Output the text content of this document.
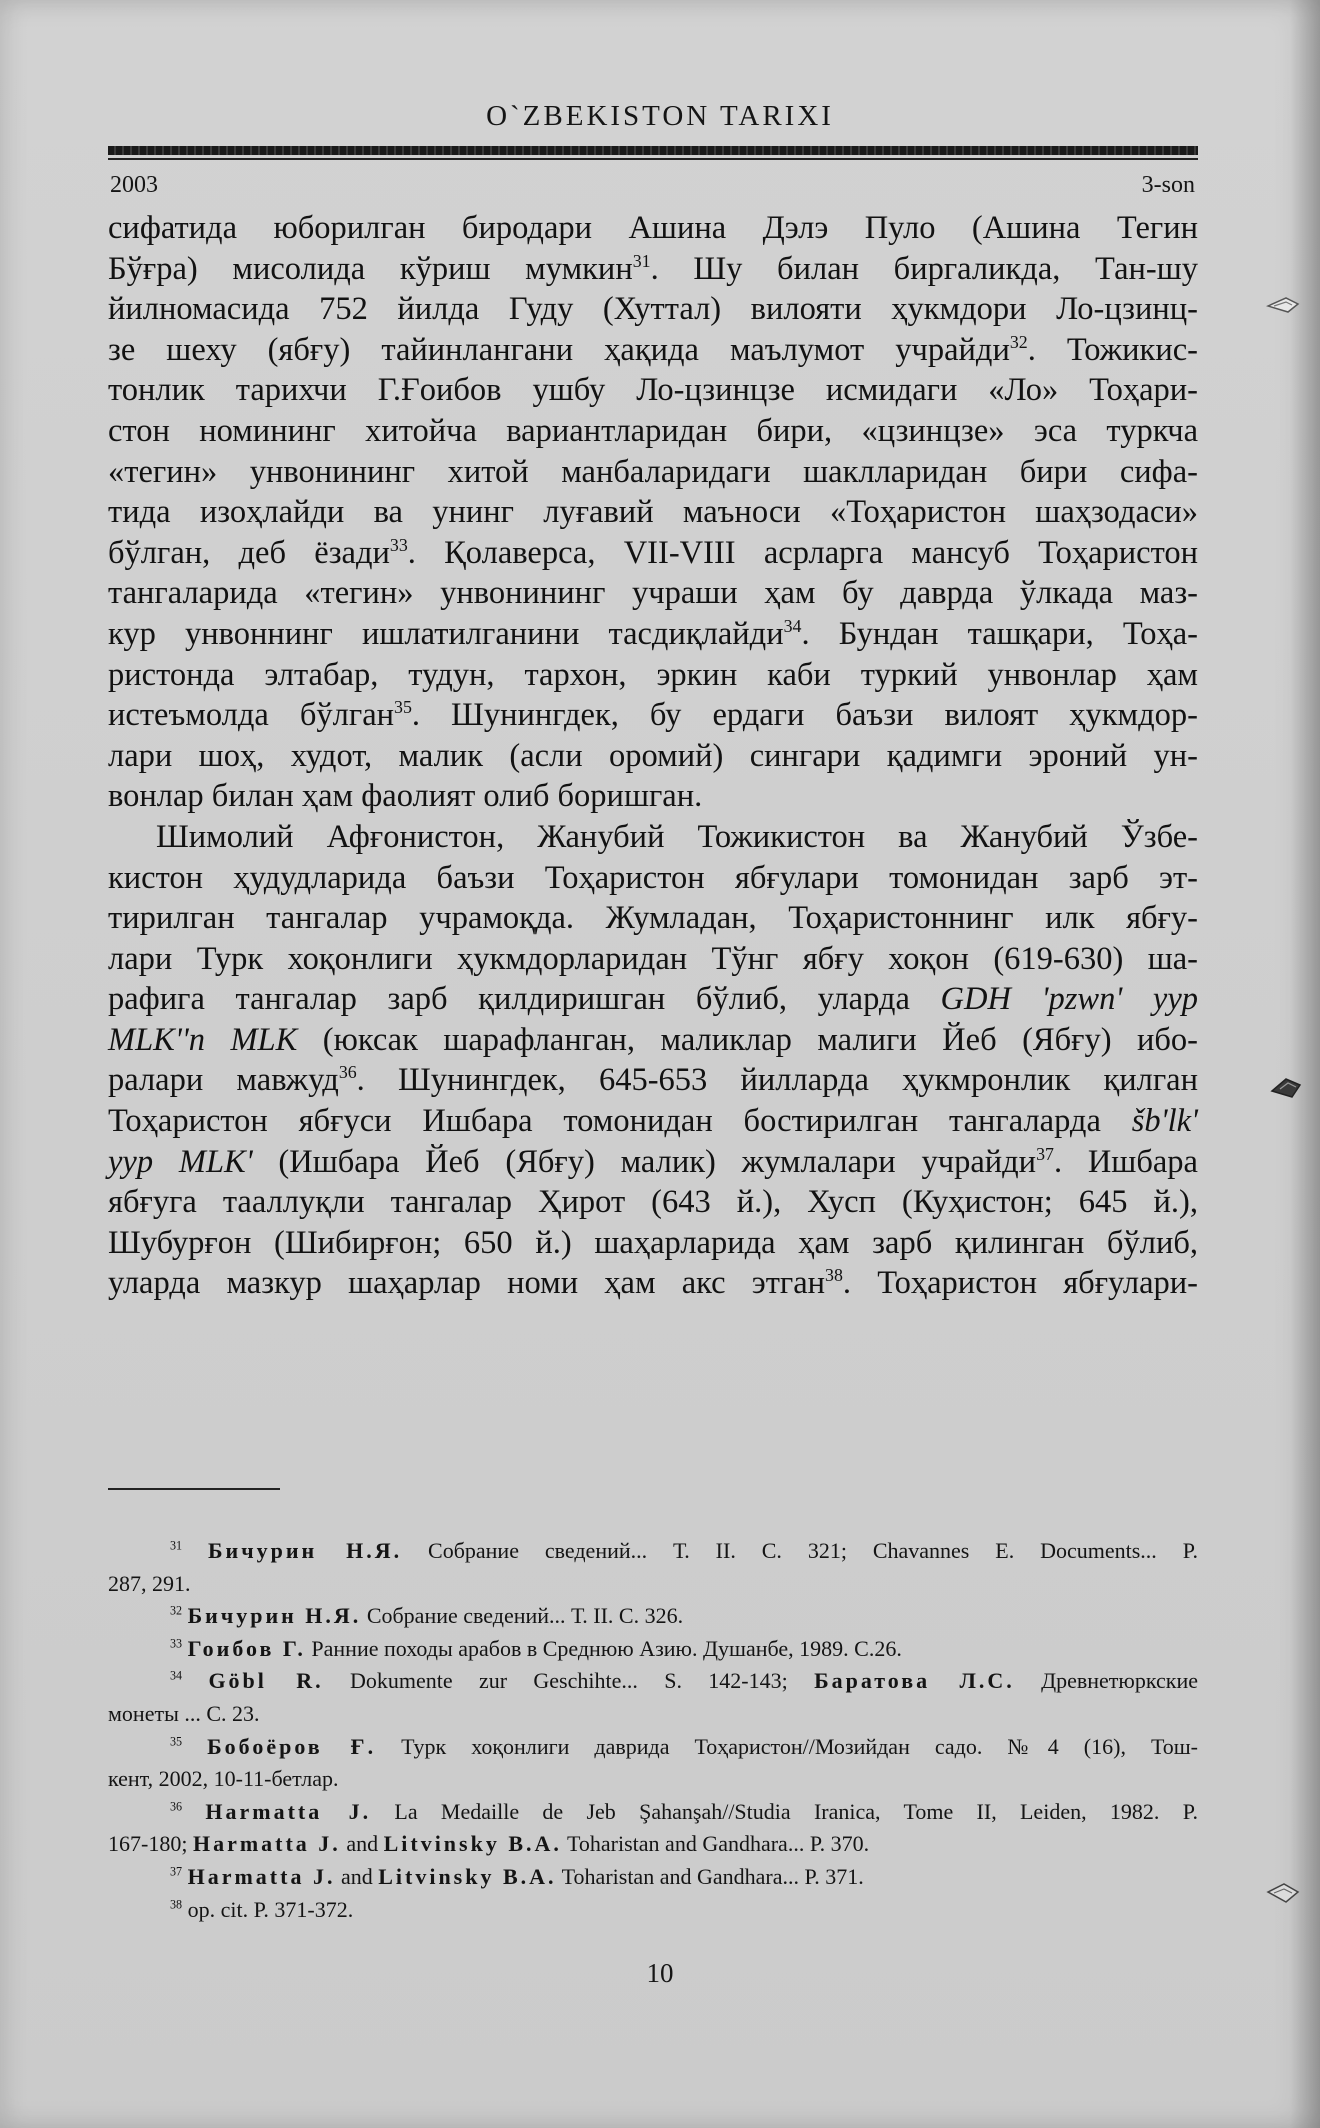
O`ZBEKISTON TARIXI
2003	3-son
сифатида юборилган биродари Ашина Дэлэ Пуло (Ашина Тегин
Бўғра) мисолида кўриш мумкин$^{31}$. Шу билан биргаликда, Тан-шу
йилномасида 752 йилда Гуду (Хуттал) вилояти ҳукмдори Ло-цзинц-
зе шеху (ябғу) тайинлангани ҳақида маълумот учрайди$^{32}$. Тожикис-
тонлик тарихчи Г.Ғоибов ушбу Ло-цзинцзе исмидаги «Ло» Тоҳари-
стон номининг хитойча вариантларидан бири, «цзинцзе» эса туркча
«тегин» унвонининг хитой манбаларидаги шаклларидан бири сифа-
тида изоҳлайди ва унинг луғавий маъноси «Тоҳаристон шаҳзодаси»
бўлган, деб ёзади$^{33}$. Қолаверса, VII-VIII асрларга мансуб Тоҳаристон
тангаларида «тегин» унвонининг учраши ҳам бу даврда ўлкада маз-
кур унвоннинг ишлатилганини тасдиқлайди$^{34}$. Бундан ташқари, Тоҳа-
ристонда элтабар, тудун, тархон, эркин каби туркий унвонлар ҳам
истеъмолда бўлган$^{35}$. Шунингдек, бу ердаги баъзи вилоят ҳукмдор-
лари шоҳ, худот, малик (асли оромий) сингари қадимги эроний ун-
вонлар билан ҳам фаолият олиб боришган.
Шимолий Афғонистон, Жанубий Тожикистон ва Жанубий Ўзбе-
кистон ҳудудларида баъзи Тоҳаристон ябғулари томонидан зарб эт-
тирилган тангалар учрамоқда. Жумладан, Тоҳаристоннинг илк ябғу-
лари Турк хоқонлиги ҳукмдорларидан Тўнг ябғу хоқон (619-630) ша-
рафига тангалар зарб қилдиришган бўлиб, уларда GDH 'pzwn' yyp
MLK''n MLK (юксак шарафланган, маликлар малиги Йеб (Ябғу) ибо-
ралари мавжуд$^{36}$. Шунингдек, 645-653 йилларда ҳукмронлик қилган
Тоҳаристон ябғуси Ишбара томонидан бостирилган тангаларда šb'lk'
yyp MLK' (Ишбара Йеб (Ябғу) малик) жумлалари учрайди$^{37}$. Ишбара
ябғуга тааллуқли тангалар Ҳирот (643 й.), Хусп (Куҳистон; 645 й.),
Шубурғон (Шибирғон; 650 й.) шаҳарларида ҳам зарб қилинган бўлиб,
уларда мазкур шаҳарлар номи ҳам акс этган$^{38}$. Тоҳаристон ябғулари-
$^{31}$ Бичурин Н.Я. Собрание сведений... Т. II. С. 321; Chavannes E. Documents... P.
287, 291.
$^{32}$ Бичурин Н.Я. Собрание сведений... Т. II. С. 326.
$^{33}$ Гоибов Г. Ранние походы арабов в Среднюю Азию. Душанбе, 1989. С.26.
$^{34}$ Göbl R. Dokumente zur Geschihte... S. 142-143; Баратова Л.С. Древнетюркские
монеты ... С. 23.
$^{35}$ Бобоёров Ғ. Турк хоқонлиги даврида Тоҳаристон//Мозийдан садо. №4 (16), Тош-
кент, 2002, 10-11-бетлар.
$^{36}$ Harmatta J. La Medaille de Jeb Şahanşah//Studia Iranica, Tome II, Leiden, 1982. P.
167-180; Harmatta J. and Litvinsky B.A. Toharistan and Gandhara... P. 370.
$^{37}$ Harmatta J. and Litvinsky B.A. Toharistan and Gandhara... P. 371.
$^{38}$ op. cit. P. 371-372.
10
